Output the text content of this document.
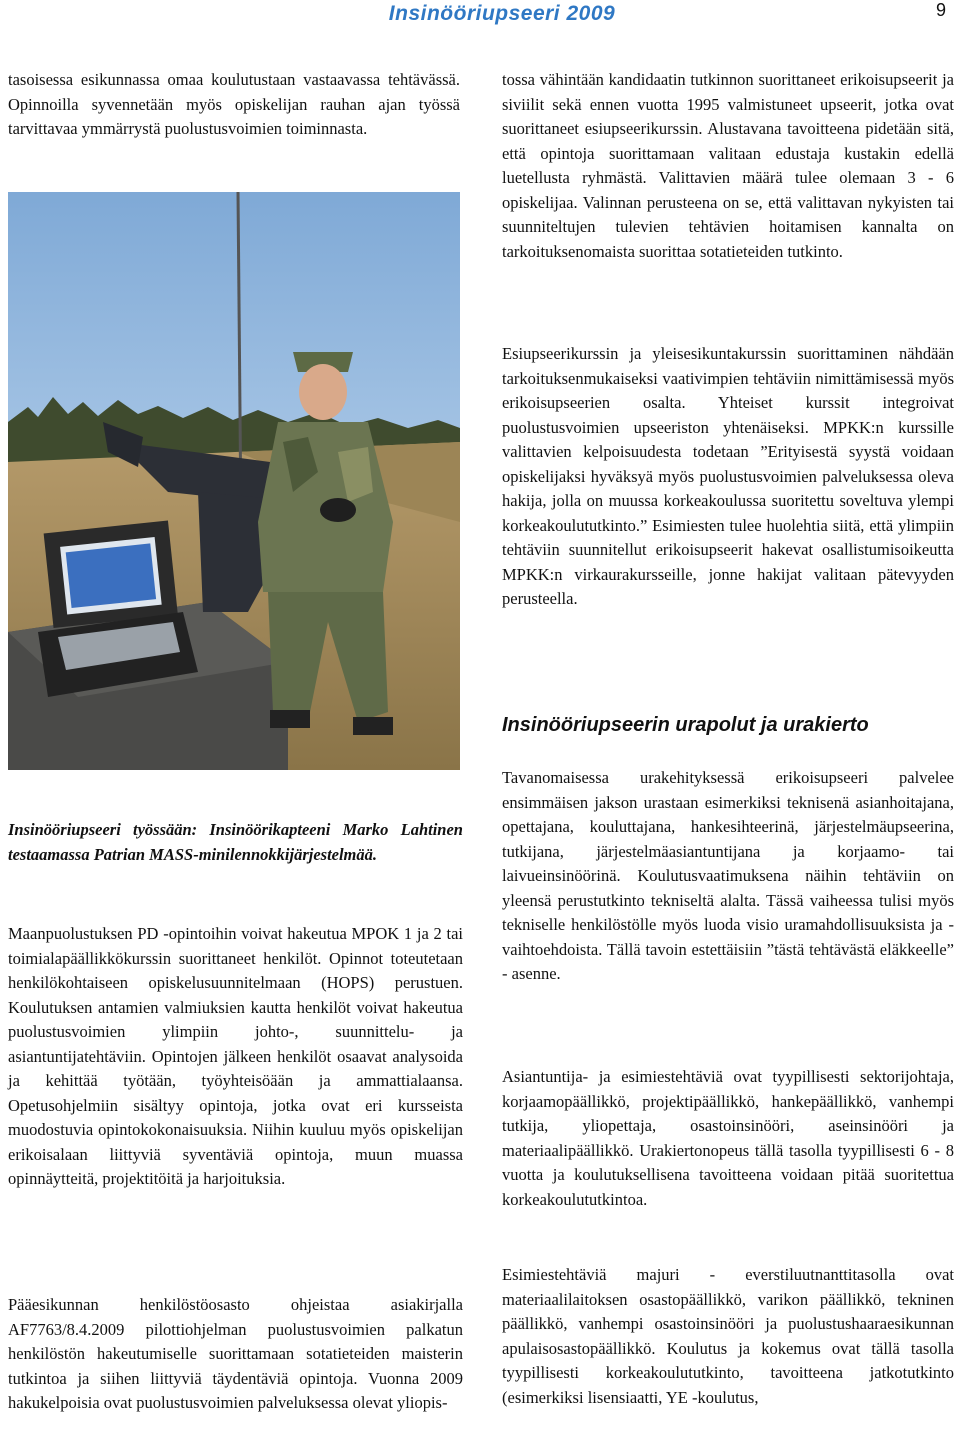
Insinööriupseeri 2009	9

tasoisessa esikunnassa omaa koulutustaan vastaavassa tehtävässä. Opinnoilla syvennetään myös opiskelijan rauhan ajan työssä tarvittavaa ymmärrystä puolustusvoimien toiminnasta.

Insinööriupseeri työssään: Insinöörikapteeni Marko Lahtinen testaamassa Patrian MASS-minilennokkijärjestelmää.

Maanpuolustuksen PD -opintoihin voivat hakeutua MPOK 1 ja 2 tai toimialapäällikkökurssin suorittaneet henkilöt. Opinnot toteutetaan henkilökohtaiseen opiskelusuunnitelmaan (HOPS) perustuen. Koulutuksen antamien valmiuksien kautta henkilöt voivat hakeutua puolustusvoimien ylimpiin johto-, suunnittelu- ja asiantuntijatehtäviin. Opintojen jälkeen henkilöt osaavat analysoida ja kehittää työtään, työyhteisöään ja ammattialaansa. Opetusohjelmiin sisältyy opintoja, jotka ovat eri kursseista muodostuvia opintokokonaisuuksia. Niihin kuuluu myös opiskelijan erikoisalaan liittyviä syventäviä opintoja, muun muassa opinnäytteitä, projektitöitä ja harjoituksia.

Pääesikunnan henkilöstöosasto ohjeistaa asiakirjalla AF7763/8.4.2009 pilottiohjelman puolustusvoimien palkatun henkilöstön hakeutumiselle suorittamaan sotatieteiden maisterin tutkintoa ja siihen liittyviä täydentäviä opintoja. Vuonna 2009 hakukelpoisia ovat puolustusvoimien palveluksessa olevat yliopis-

tossa vähintään kandidaatin tutkinnon suorittaneet erikoisupseerit ja siviilit sekä ennen vuotta 1995 valmistuneet upseerit, jotka ovat suorittaneet esiupseerikurssin. Alustavana tavoitteena pidetään sitä, että opintoja suorittamaan valitaan edustaja kustakin edellä luetellusta ryhmästä. Valittavien määrä tulee olemaan 3 - 6 opiskelijaa. Valinnan perusteena on se, että valittavan nykyisten tai suunniteltujen tulevien tehtävien hoitamisen kannalta on tarkoituksenomaista suorittaa sotatieteiden tutkinto.

Esiupseerikurssin ja yleisesikuntakurssin suorittaminen nähdään tarkoituksenmukaiseksi vaativimpien tehtäviin nimittämisessä myös erikoisupseerien osalta. Yhteiset kurssit integroivat puolustusvoimien upseeriston yhtenäiseksi. MPKK:n kurssille valittavien kelpoisuudesta todetaan ”Erityisestä syystä voidaan opiskelijaksi hyväksyä myös puolustusvoimien palveluksessa oleva hakija, jolla on muussa korkeakoulussa suoritettu soveltuva ylempi korkeakoulututkinto.” Esimiesten tulee huolehtia siitä, että ylimpiin tehtäviin suunnitellut erikoisupseerit hakevat osallistumisoikeutta MPKK:n virkaurakursseille, jonne hakijat valitaan pätevyyden perusteella.

Insinööriupseerin urapolut ja urakierto

Tavanomaisessa urakehityksessä erikoisupseeri palvelee ensimmäisen jakson urastaan esimerkiksi teknisenä asianhoitajana, opettajana, kouluttajana, hankesihteerinä, järjestelmäupseerina, tutkijana, järjestelmäasiantuntijana ja korjaamo- tai laivueinsinöörinä. Koulutusvaatimuksena näihin tehtäviin on yleensä perustutkinto tekniseltä alalta. Tässä vaiheessa tulisi myös tekniselle henkilöstölle myös luoda visio uramahdollisuuksista ja -vaihtoehdoista. Tällä tavoin estettäisiin ”tästä tehtävästä eläkkeelle” - asenne.

Asiantuntija- ja esimiestehtäviä ovat tyypillisesti sektorijohtaja, korjaamopäällikkö, projektipäällikkö, hankepäällikkö, vanhempi tutkija, yliopettaja, osastoinsinööri, aseinsinööri ja materiaalipäällikkö. Urakiertonopeus tällä tasolla tyypillisesti 6 - 8 vuotta ja koulutuksellisena tavoitteena voidaan pitää suoritettua korkeakoulututkintoa.

Esimiestehtäviä majuri - everstiluutnanttitasolla ovat materiaalilaitoksen osastopäällikkö, varikon päällikkö, tekninen päällikkö, vanhempi osastoinsinööri ja puolustushaaraesikunnan apulaisosastopäällikkö. Koulutus ja kokemus ovat tällä tasolla tyypillisesti korkeakoulututkinto, tavoitteena jatkotutkinto (esimerkiksi lisensiaatti, YE -koulutus,
